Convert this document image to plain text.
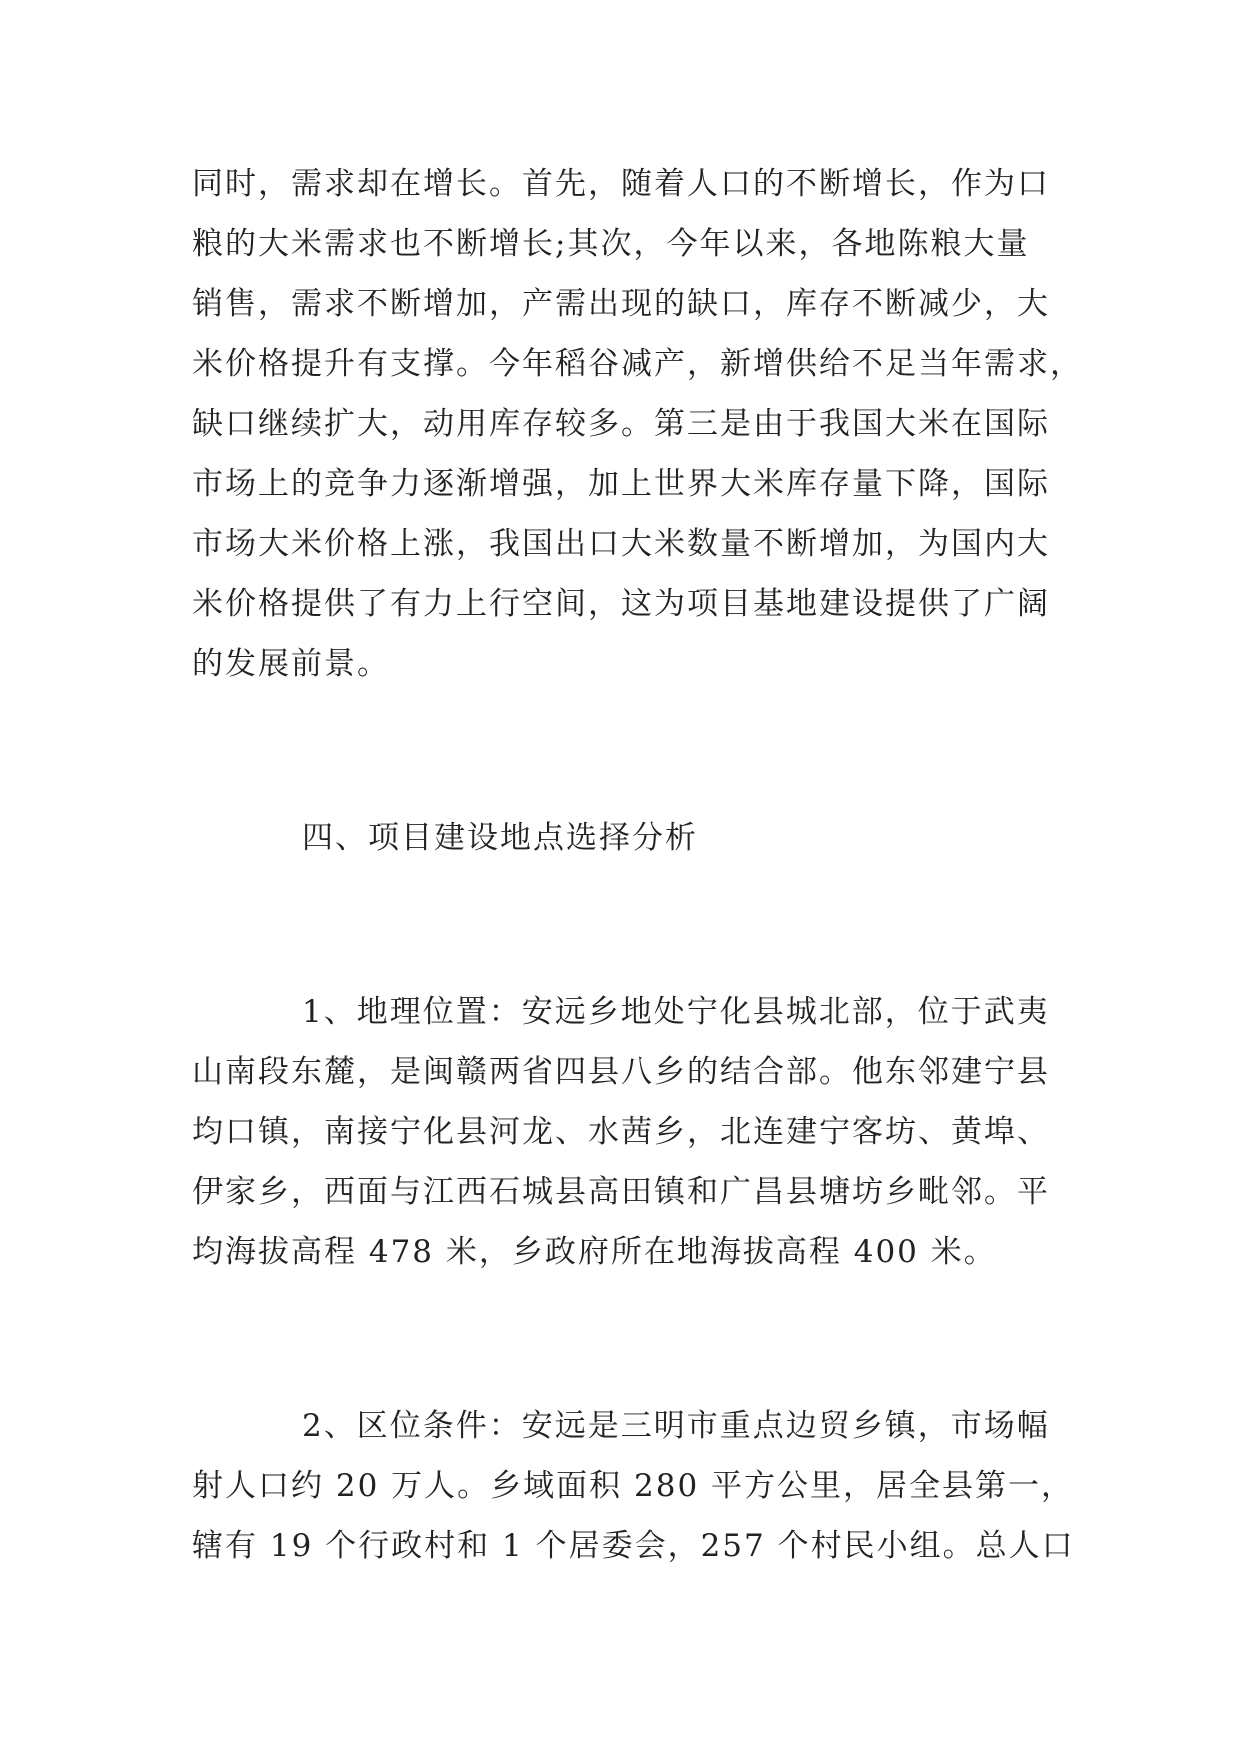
同时，需求却在增长。首先，随着人口的不断增长，作为口
粮的大米需求也不断增长;其次，今年以来，各地陈粮大量
销售，需求不断增加，产需出现的缺口，库存不断减少，大
米价格提升有支撑。今年稻谷减产，新增供给不足当年需求，
缺口继续扩大，动用库存较多。第三是由于我国大米在国际
市场上的竞争力逐渐增强，加上世界大米库存量下降，国际
市场大米价格上涨，我国出口大米数量不断增加，为国内大
米价格提供了有力上行空间，这为项目基地建设提供了广阔
的发展前景。
四、项目建设地点选择分析
1、地理位置：安远乡地处宁化县城北部，位于武夷
山南段东麓，是闽赣两省四县八乡的结合部。他东邻建宁县
均口镇，南接宁化县河龙、水茜乡，北连建宁客坊、黄埠、
伊家乡，西面与江西石城县高田镇和广昌县塘坊乡毗邻。平
均海拔高程 478 米，乡政府所在地海拔高程 400 米。
2、区位条件：安远是三明市重点边贸乡镇，市场幅
射人口约 20 万人。乡域面积 280 平方公里，居全县第一，
辖有 19 个行政村和 1 个居委会，257 个村民小组。总人口
